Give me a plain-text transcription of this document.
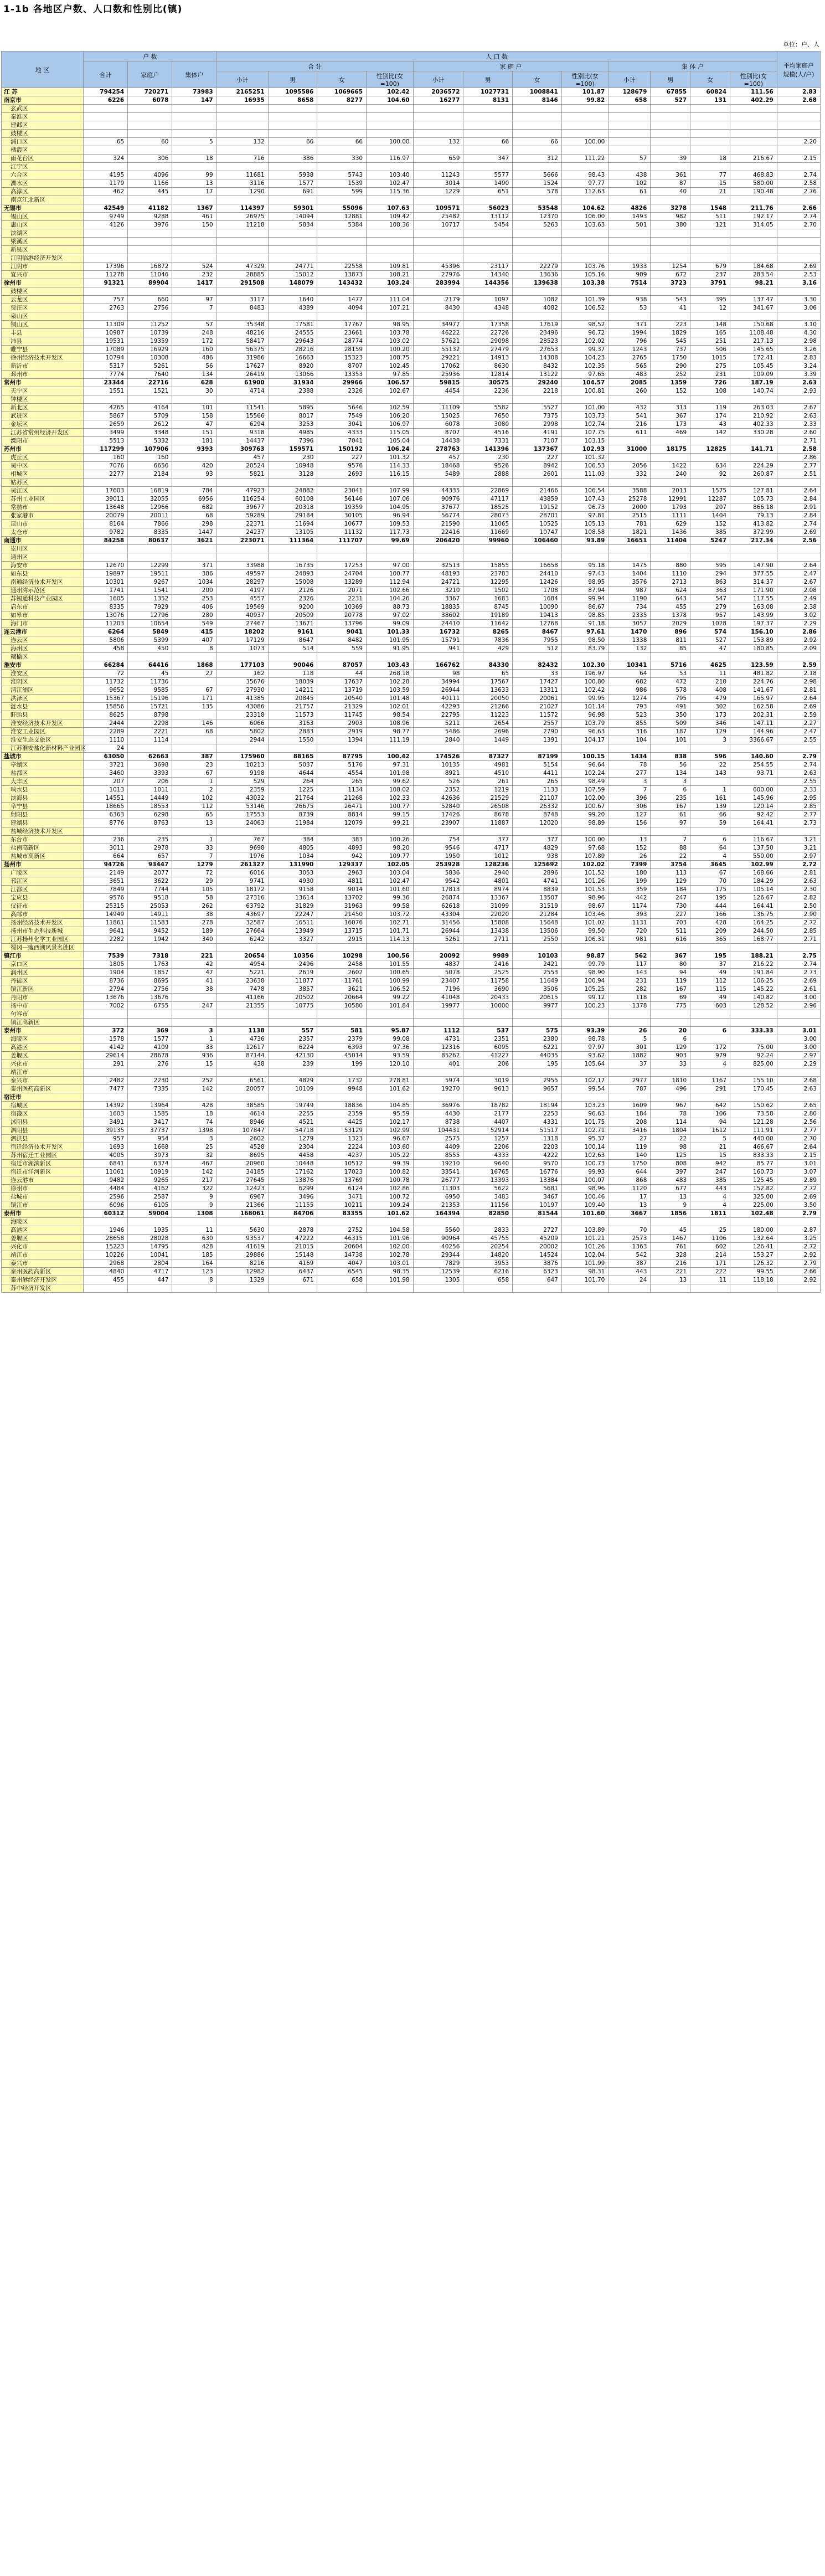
1-1b 各地区户数、人口数和性别比(镇)
单位：户、人
地 区	户 数			人 口 数												平均家庭户规模(人/户)
	合计	家庭户	集体户	合 计				家 庭 户				集 体 户				
				小计	男	女	性别比(女=100)	小计	男	女	性别比(女=100)	小计	男	女	性别比(女=100)	
江 苏	794254	720271	73983	2165251	1095586	1069665	102.42	2036572	1027731	1008841	101.87	128679	67855	60824	111.56	2.83
南京市	6226	6078	147	16935	8658	8277	104.60	16277	8131	8146	99.82	658	527	131	402.29	2.68
玄武区																
秦淮区																
建邺区																
鼓楼区																
浦口区	65	60	5	132	66	66	100.00	132	66	66	100.00					2.20
栖霞区																
雨花台区	324	306	18	716	386	330	116.97	659	347	312	111.22	57	39	18	216.67	2.15
江宁区																
六合区	4195	4096	99	11681	5938	5743	103.40	11243	5577	5666	98.43	438	361	77	468.83	2.74
溧水区	1179	1166	13	3116	1577	1539	102.47	3014	1490	1524	97.77	102	87	15	580.00	2.58
高淳区	462	445	17	1290	691	599	115.36	1229	651	578	112.63	61	40	21	190.48	2.76
南京江北新区																
无锡市	42549	41182	1367	114397	59301	55096	107.63	109571	56023	53548	104.62	4826	3278	1548	211.76	2.66
锡山区	9749	9288	461	26975	14094	12881	109.42	25482	13112	12370	106.00	1493	982	511	192.17	2.74
惠山区	4126	3976	150	11218	5834	5384	108.36	10717	5454	5263	103.63	501	380	121	314.05	2.70
滨湖区																
梁溪区																
新吴区																
江阴临港经济开发区																
江阴市	17396	16872	524	47329	24771	22558	109.81	45396	23117	22279	103.76	1933	1254	679	184.68	2.69
宜兴市	11278	11046	232	28885	15012	13873	108.21	27976	14340	13636	105.16	909	672	237	283.54	2.53
徐州市	91321	89904	1417	291508	148079	143432	103.24	283994	144356	139638	103.38	7514	3723	3791	98.21	3.16
鼓楼区																
云龙区	757	660	97	3117	1640	1477	111.04	2179	1097	1082	101.39	938	543	395	137.47	3.30
贾汪区	2763	2756	7	8483	4389	4094	107.21	8430	4348	4082	106.52	53	41	12	341.67	3.06
泉山区																
铜山区	11309	11252	57	35348	17581	17767	98.95	34977	17358	17619	98.52	371	223	148	150.68	3.10
丰县	10987	10739	248	48216	24555	23661	103.78	46222	22726	23496	96.72	1994	1829	165	1108.48	4.30
沛县	19531	19359	172	58417	29643	28774	103.02	57621	29098	28523	102.02	796	545	251	217.13	2.98
睢宁县	17089	16929	160	56375	28216	28159	100.20	55132	27479	27653	99.37	1243	737	506	145.65	3.26
徐州经济技术开发区	10794	10308	486	31986	16663	15323	108.75	29221	14913	14308	104.23	2765	1750	1015	172.41	2.83
新沂市	5317	5261	56	17627	8920	8707	102.45	17062	8630	8432	102.35	565	290	275	105.45	3.24
邳州市	7774	7640	134	26419	13066	13353	97.85	25936	12814	13122	97.65	483	252	231	109.09	3.39
常州市	23344	22716	628	61900	31934	29966	106.57	59815	30575	29240	104.57	2085	1359	726	187.19	2.63
天宁区	1551	1521	30	4714	2388	2326	102.67	4454	2236	2218	100.81	260	152	108	140.74	2.93
钟楼区																
新北区	4265	4164	101	11541	5895	5646	102.59	11109	5582	5527	101.00	432	313	119	263.03	2.67
武进区	5867	5709	158	15566	8017	7549	106.20	15025	7650	7375	103.73	541	367	174	210.92	2.63
金坛区	2659	2612	47	6294	3253	3041	106.97	6078	3080	2998	102.74	216	173	43	402.33	2.33
江苏省常州经济开发区	3499	3348	151	9318	4985	4333	115.05	8707	4516	4191	107.75	611	469	142	330.28	2.60
溧阳市	5513	5332	181	14437	7396	7041	105.04	14438	7331	7107	103.15					2.71
苏州市	117299	107906	9393	309763	159571	150192	106.24	278763	141396	137367	102.93	31000	18175	12825	141.71	2.58
虎丘区	160	160		457	230	227	101.32	457	230	227	101.32					2.86
吴中区	7076	6656	420	20524	10948	9576	114.33	18468	9526	8942	106.53	2056	1422	634	224.29	2.77
相城区	2277	2184	93	5821	3128	2693	116.15	5489	2888	2601	111.03	332	240	92	260.87	2.51
姑苏区																
吴江区	17603	16819	784	47923	24882	23041	107.99	44335	22869	21466	106.54	3588	2013	1575	127.81	2.64
苏州工业园区	39011	32055	6956	116254	60108	56146	107.06	90976	47117	43859	107.43	25278	12991	12287	105.73	2.84
常熟市	13648	12966	682	39677	20318	19359	104.95	37677	18525	19152	96.73	2000	1793	207	866.18	2.91
张家港市	20079	20011	68	59289	29184	30105	96.94	56774	28073	28701	97.81	2515	1111	1404	79.13	2.84
昆山市	8164	7866	298	22371	11694	10677	109.53	21590	11065	10525	105.13	781	629	152	413.82	2.74
太仓市	9782	8335	1447	24237	13105	11132	117.73	22416	11669	10747	108.58	1821	1436	385	372.99	2.69
南通市	84258	80637	3621	223071	111364	111707	99.69	206420	99960	106460	93.89	16651	11404	5247	217.34	2.56
崇川区																
通州区																
海安市	12670	12299	371	33988	16735	17253	97.00	32513	15855	16658	95.18	1475	880	595	147.90	2.64
如东县	19897	19511	386	49597	24893	24704	100.77	48193	23783	24410	97.43	1404	1110	294	377.55	2.47
南通经济技术开发区	10301	9267	1034	28297	15008	13289	112.94	24721	12295	12426	98.95	3576	2713	863	314.37	2.67
通州湾示范区	1741	1541	200	4197	2126	2071	102.66	3210	1502	1708	87.94	987	624	363	171.90	2.08
苏锡通科技产业园区	1605	1352	253	4557	2326	2231	104.26	3367	1683	1684	99.94	1190	643	547	117.55	2.49
启东市	8335	7929	406	19569	9200	10369	88.73	18835	8745	10090	86.67	734	455	279	163.08	2.38
如皋市	13076	12796	280	40937	20509	20778	97.02	38602	19189	19413	98.85	2335	1378	957	143.99	3.02
海门市	11203	10654	549	27467	13671	13796	99.09	24410	11642	12768	91.18	3057	2029	1028	197.37	2.29
连云港市	6264	5849	415	18202	9161	9041	101.33	16732	8265	8467	97.61	1470	896	574	156.10	2.86
连云区	5806	5399	407	17129	8647	8482	101.95	15791	7836	7955	98.50	1338	811	527	153.89	2.92
海州区	458	450	8	1073	514	559	91.95	941	429	512	83.79	132	85	47	180.85	2.09
赣榆区																
淮安市	66284	64416	1868	177103	90046	87057	103.43	166762	84330	82432	102.30	10341	5716	4625	123.59	2.59
淮安区	72	45	27	162	118	44	268.18	98	65	33	196.97	64	53	11	481.82	2.18
淮阴区	11732	11736		35676	18039	17637	102.28	34994	17567	17427	100.80	682	472	210	224.76	2.98
清江浦区	9652	9585	67	27930	14211	13719	103.59	26944	13633	13311	102.42	986	578	408	141.67	2.81
洪泽区	15367	15196	171	41385	20845	20540	101.48	40111	20050	20061	99.95	1274	795	479	165.97	2.64
涟水县	15856	15721	135	43086	21757	21329	102.01	42293	21266	21027	101.14	793	491	302	162.58	2.69
盱眙县	8625	8798		23318	11573	11745	98.54	22795	11223	11572	96.98	523	350	173	202.31	2.59
淮安经济技术开发区	2444	2298	146	6066	3163	2903	108.96	5211	2654	2557	103.79	855	509	346	147.11	2.27
淮安工业园区	2289	2221	68	5802	2883	2919	98.77	5486	2696	2790	96.63	316	187	129	144.96	2.47
淮安生态文旅区	1110	1114		2944	1550	1394	111.19	2840	1449	1391	104.17	104	101	3	3366.67	2.55
江苏淮安盐化新材料产业园区	24															
盐城市	63050	62663	387	175960	88165	87795	100.42	174526	87327	87199	100.15	1434	838	596	140.60	2.79
亭湖区	3721	3698	23	10213	5037	5176	97.31	10135	4981	5154	96.64	78	56	22	254.55	2.74
盐都区	3460	3393	67	9198	4644	4554	101.98	8921	4510	4411	102.24	277	134	143	93.71	2.63
大丰区	207	206	1	529	264	265	99.62	526	261	265	98.49	3	3			2.55
响水县	1013	1011	2	2359	1225	1134	108.02	2352	1219	1133	107.59	7	6	1	600.00	2.33
滨海县	14551	14449	102	43032	21764	21268	102.33	42636	21529	21107	102.00	396	235	161	145.96	2.95
阜宁县	18665	18553	112	53146	26675	26471	100.77	52840	26508	26332	100.67	306	167	139	120.14	2.85
射阳县	6363	6298	65	17553	8739	8814	99.15	17426	8678	8748	99.20	127	61	66	92.42	2.77
建湖县	8776	8763	13	24063	11984	12079	99.21	23907	11887	12020	98.89	156	97	59	164.41	2.73
盐城经济技术开发区																
东台市	236	235	1	767	384	383	100.26	754	377	377	100.00	13	7	6	116.67	3.21
盐南高新区	3011	2978	33	9698	4805	4893	98.20	9546	4717	4829	97.68	152	88	64	137.50	3.21
盐城市高新区	664	657	7	1976	1034	942	109.77	1950	1012	938	107.89	26	22	4	550.00	2.97
扬州市	94726	93447	1279	261327	131990	129337	102.05	253928	128236	125692	102.02	7399	3754	3645	102.99	2.72
广陵区	2149	2077	72	6016	3053	2963	103.04	5836	2940	2896	101.52	180	113	67	168.66	2.81
邗江区	3651	3622	29	9741	4930	4811	102.47	9542	4801	4741	101.26	199	129	70	184.29	2.63
江都区	7849	7744	105	18172	9158	9014	101.60	17813	8974	8839	101.53	359	184	175	105.14	2.30
宝应县	9576	9518	58	27316	13614	13702	99.36	26874	13367	13507	98.96	442	247	195	126.67	2.82
仪征市	25315	25053	262	63792	31829	31963	99.58	62618	31099	31519	98.67	1174	730	444	164.41	2.50
高邮市	14949	14911	38	43697	22247	21450	103.72	43304	22020	21284	103.46	393	227	166	136.75	2.90
扬州经济技术开发区	11861	11583	278	32587	16511	16076	102.71	31456	15808	15648	101.02	1131	703	428	164.25	2.72
扬州市生态科技新城	9641	9452	189	27664	13949	13715	101.71	26944	13438	13506	99.50	720	511	209	244.50	2.85
江苏扬州化学工业园区	2282	1942	340	6242	3327	2915	114.13	5261	2711	2550	106.31	981	616	365	168.77	2.71
蜀冈—瘦西湖风景名胜区																
镇江市	7539	7318	221	20654	10356	10298	100.56	20092	9989	10103	98.87	562	367	195	188.21	2.75
京口区	1805	1763	42	4954	2496	2458	101.55	4837	2416	2421	99.79	117	80	37	216.22	2.74
润州区	1904	1857	47	5221	2619	2602	100.65	5078	2525	2553	98.90	143	94	49	191.84	2.73
丹徒区	8736	8695	41	23638	11877	11761	100.99	23407	11758	11649	100.94	231	119	112	106.25	2.69
镇江新区	2794	2756	38	7478	3857	3621	106.52	7196	3690	3506	105.25	282	167	115	145.22	2.61
丹阳市	13676	13676		41166	20502	20664	99.22	41048	20433	20615	99.12	118	69	49	140.82	3.00
扬中市	7002	6755	247	21355	10775	10580	101.84	19977	10000	9977	100.23	1378	775	603	128.52	2.96
句容市																
镇江高新区																
泰州市	372	369	3	1138	557	581	95.87	1112	537	575	93.39	26	20	6	333.33	3.01
海陵区	1578	1577	1	4736	2357	2379	99.08	4731	2351	2380	98.78	5	6			3.00
高港区	4142	4109	33	12617	6224	6393	97.36	12316	6095	6221	97.97	301	129	172	75.00	3.00
姜堰区	29614	28678	936	87144	42130	45014	93.59	85262	41227	44035	93.62	1882	903	979	92.24	2.97
兴化市	291	276	15	438	239	199	120.10	401	206	195	105.64	37	33	4	825.00	2.29
靖江市																
泰兴市	2482	2230	252	6561	4829	1732	278.81	5974	3019	2955	102.17	2977	1810	1167	155.10	2.68
泰州医药高新区	7477	7335	142	20057	10109	9948	101.62	19270	9613	9657	99.54	787	496	291	170.45	2.63
宿迁市																
宿城区	14392	13964	428	38585	19749	18836	104.85	36976	18782	18194	103.23	1609	967	642	150.62	2.65
宿豫区	1603	1585	18	4614	2255	2359	95.59	4430	2177	2253	96.63	184	78	106	73.58	2.80
沭阳县	3491	3417	74	8946	4521	4425	102.17	8738	4407	4331	101.75	208	114	94	121.28	2.56
泗阳县	39135	37737	1398	107847	54718	53129	102.99	104431	52914	51517	102.71	3416	1804	1612	111.91	2.77
泗洪县	957	954	3	2602	1279	1323	96.67	2575	1257	1318	95.37	27	22	5	440.00	2.70
宿迁经济技术开发区	1693	1668	25	4528	2304	2224	103.60	4409	2206	2203	100.14	119	98	21	466.67	2.64
苏州宿迁工业园区	4005	3973	32	8695	4458	4237	105.22	8555	4333	4222	102.63	140	125	15	833.33	2.15
宿迁市湖滨新区	6841	6374	467	20960	10448	10512	99.39	19210	9640	9570	100.73	1750	808	942	85.77	3.01
宿迁市洋河新区	11061	10919	142	34185	17162	17023	100.82	33541	16765	16776	99.93	644	397	247	160.73	3.07
连云港市	9482	9265	217	27645	13876	13769	100.78	26777	13393	13384	100.07	868	483	385	125.45	2.89
徐州市	4484	4162	322	12423	6299	6124	102.86	11303	5622	5681	98.96	1120	677	443	152.82	2.72
盐城市	2596	2587	9	6967	3496	3471	100.72	6950	3483	3467	100.46	17	13	4	325.00	2.69
镇江市	6096	6105	9	21366	11155	10211	109.24	21353	11156	10197	109.40	13	9	4	225.00	3.50
泰州市	60312	59004	1308	168061	84706	83355	101.62	164394	82850	81544	101.60	3667	1856	1811	102.48	2.79
海陵区																
高港区	1946	1935	11	5630	2878	2752	104.58	5560	2833	2727	103.89	70	45	25	180.00	2.87
姜堰区	28658	28028	630	93537	47222	46315	101.96	90964	45755	45209	101.21	2573	1467	1106	132.64	3.25
兴化市	15223	14795	428	41619	21015	20604	102.00	40256	20254	20002	101.26	1363	761	602	126.41	2.72
靖江市	10226	10041	185	29886	15148	14738	102.78	29344	14820	14524	102.04	542	328	214	153.27	2.92
泰兴市	2968	2804	164	8216	4169	4047	103.01	7829	3953	3876	101.99	387	216	171	126.32	2.79
泰州医药高新区	4840	4717	123	12982	6437	6545	98.35	12539	6216	6323	98.31	443	221	222	99.55	2.66
泰州港经济开发区	455	447	8	1329	671	658	101.98	1305	658	647	101.70	24	13	11	118.18	2.92
苏中经济开发区																
